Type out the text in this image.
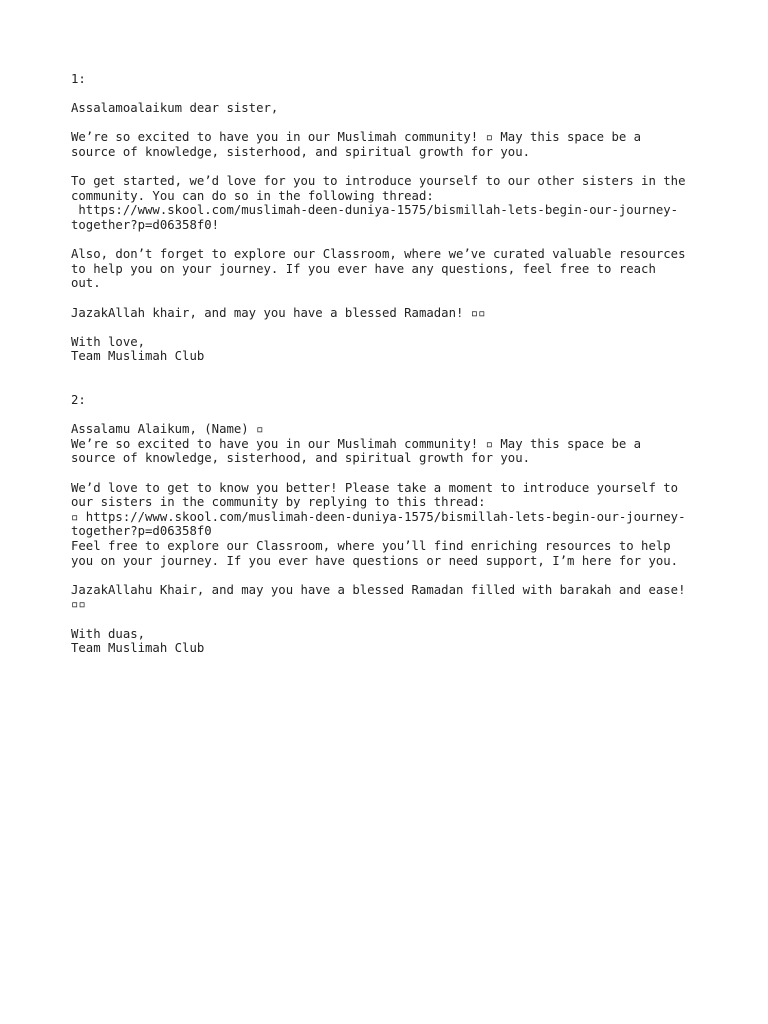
1:
Assalamoalaikum dear sister,
We’re so excited to have you in our Muslimah community! ▫ May this space be a
source of knowledge, sisterhood, and spiritual growth for you.
To get started, we’d love for you to introduce yourself to our other sisters in the
community. You can do so in the following thread:
https://www.skool.com/muslimah-deen-duniya-1575/bismillah-lets-begin-our-journey-
together?p=d06358f0!
Also, don’t forget to explore our Classroom, where we’ve curated valuable resources
to help you on your journey. If you ever have any questions, feel free to reach
out.
JazakAllah khair, and may you have a blessed Ramadan! ▫▫
With love,
Team Muslimah Club
2:
Assalamu Alaikum, (Name) ▫
We’re so excited to have you in our Muslimah community! ▫ May this space be a
source of knowledge, sisterhood, and spiritual growth for you.
We’d love to get to know you better! Please take a moment to introduce yourself to
our sisters in the community by replying to this thread:
▫ https://www.skool.com/muslimah-deen-duniya-1575/bismillah-lets-begin-our-journey-
together?p=d06358f0
Feel free to explore our Classroom, where you’ll find enriching resources to help
you on your journey. If you ever have questions or need support, I’m here for you.
JazakAllahu Khair, and may you have a blessed Ramadan filled with barakah and ease!
▫▫
With duas,
Team Muslimah Club
